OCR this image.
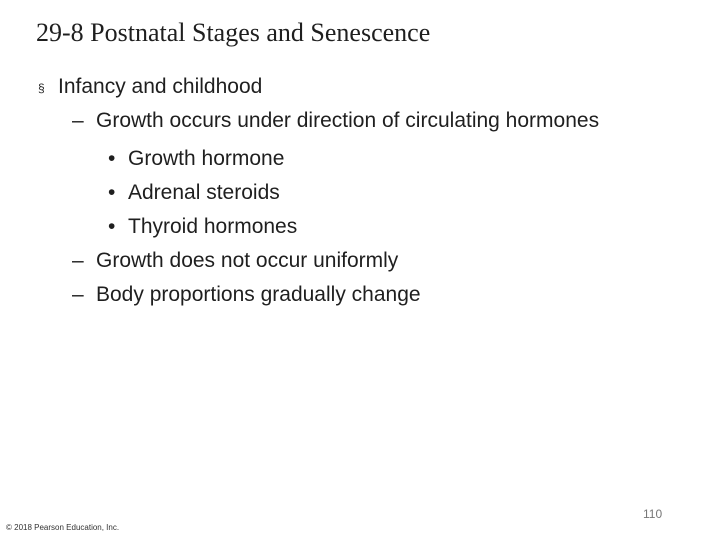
29-8 Postnatal Stages and Senescence
§ Infancy and childhood
– Growth occurs under direction of circulating hormones
• Growth hormone
• Adrenal steroids
• Thyroid hormones
– Growth does not occur uniformly
– Body proportions gradually change
110
© 2018 Pearson Education, Inc.
